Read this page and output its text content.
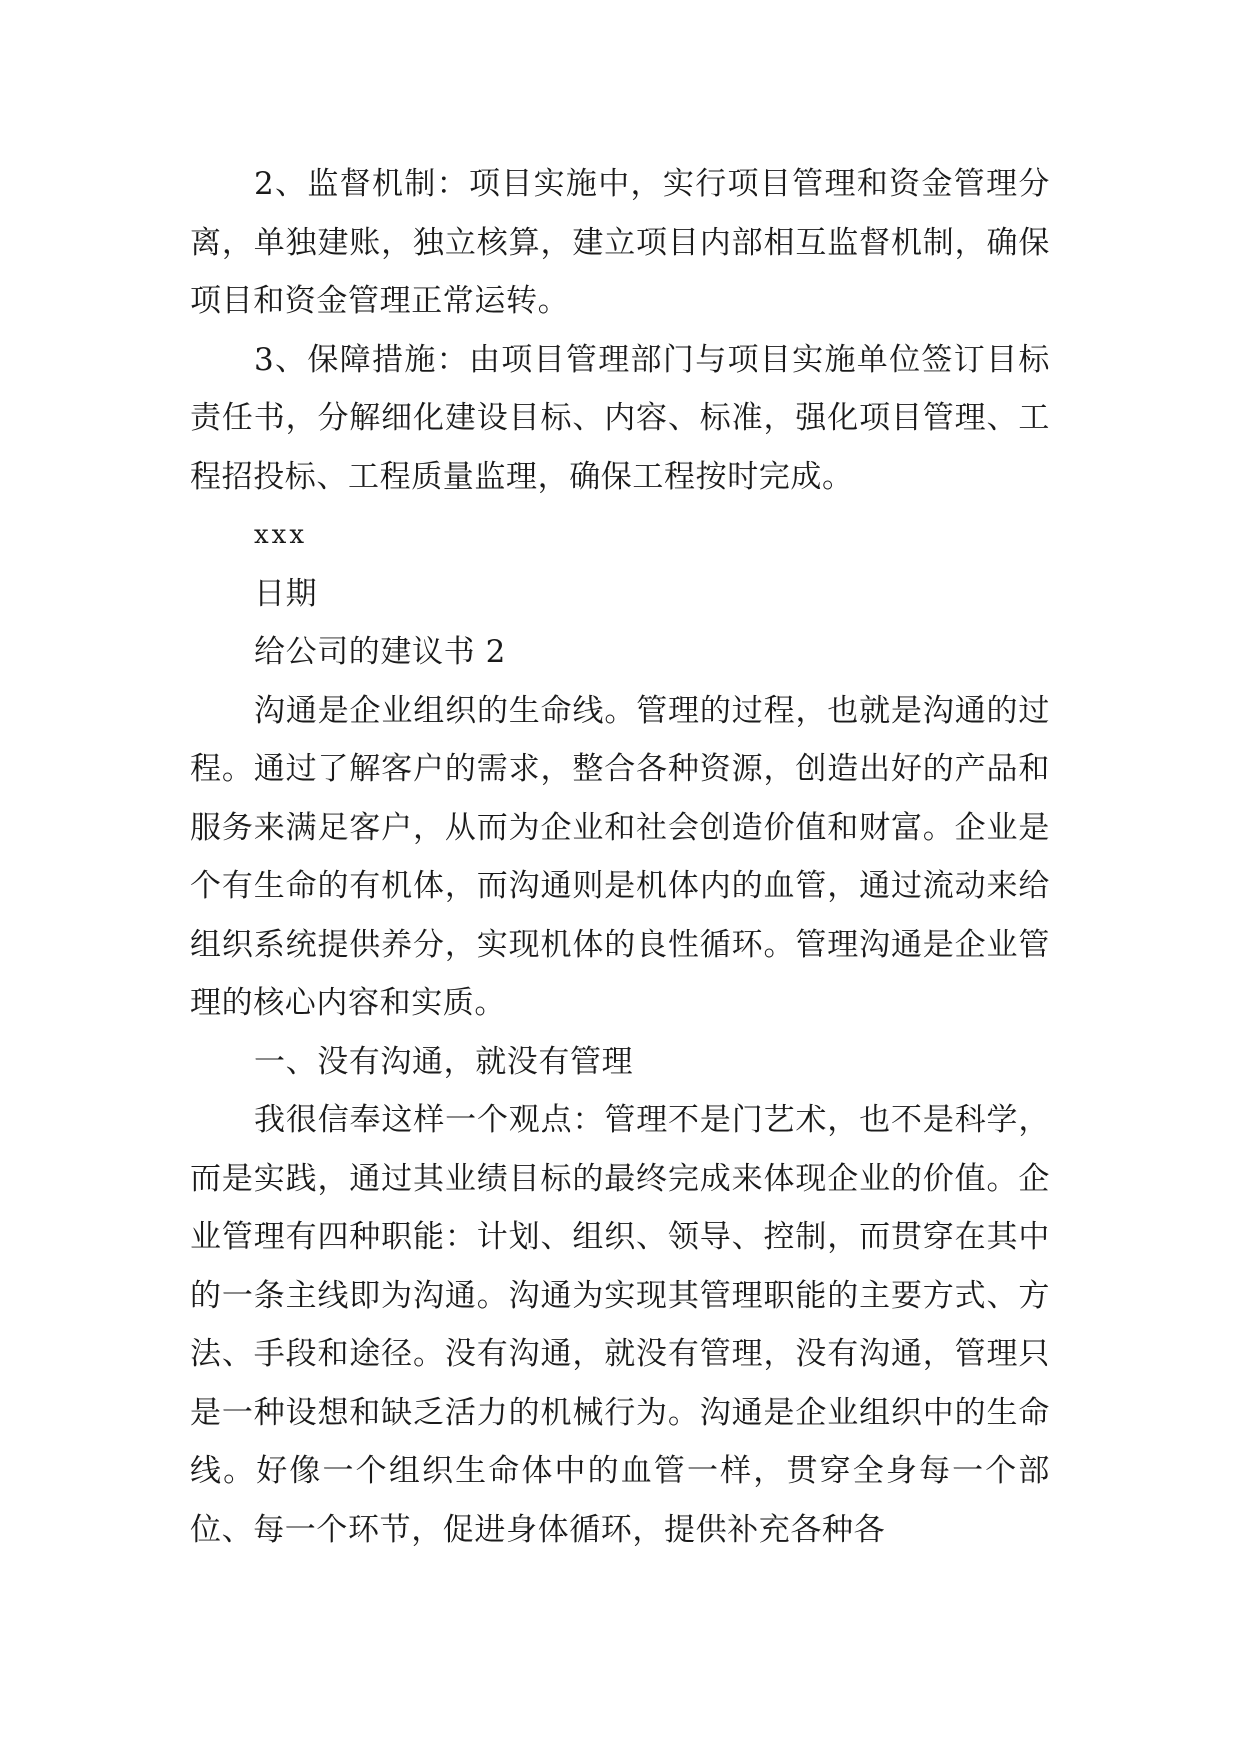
2、监督机制：项目实施中，实行项目管理和资金管理分离，单独建账，独立核算，建立项目内部相互监督机制，确保项目和资金管理正常运转。

3、保障措施：由项目管理部门与项目实施单位签订目标责任书，分解细化建设目标、内容、标准，强化项目管理、工程招投标、工程质量监理，确保工程按时完成。

xxx

日期

给公司的建议书 2

沟通是企业组织的生命线。管理的过程，也就是沟通的过程。通过了解客户的需求，整合各种资源，创造出好的产品和服务来满足客户，从而为企业和社会创造价值和财富。企业是个有生命的有机体，而沟通则是机体内的血管，通过流动来给组织系统提供养分，实现机体的良性循环。管理沟通是企业管理的核心内容和实质。

一、没有沟通，就没有管理

我很信奉这样一个观点：管理不是门艺术，也不是科学，而是实践，通过其业绩目标的最终完成来体现企业的价值。企业管理有四种职能：计划、组织、领导、控制，而贯穿在其中的一条主线即为沟通。沟通为实现其管理职能的主要方式、方法、手段和途径。没有沟通，就没有管理，没有沟通，管理只是一种设想和缺乏活力的机械行为。沟通是企业组织中的生命线。好像一个组织生命体中的血管一样，贯穿全身每一个部位、每一个环节，促进身体循环，提供补充各种各
